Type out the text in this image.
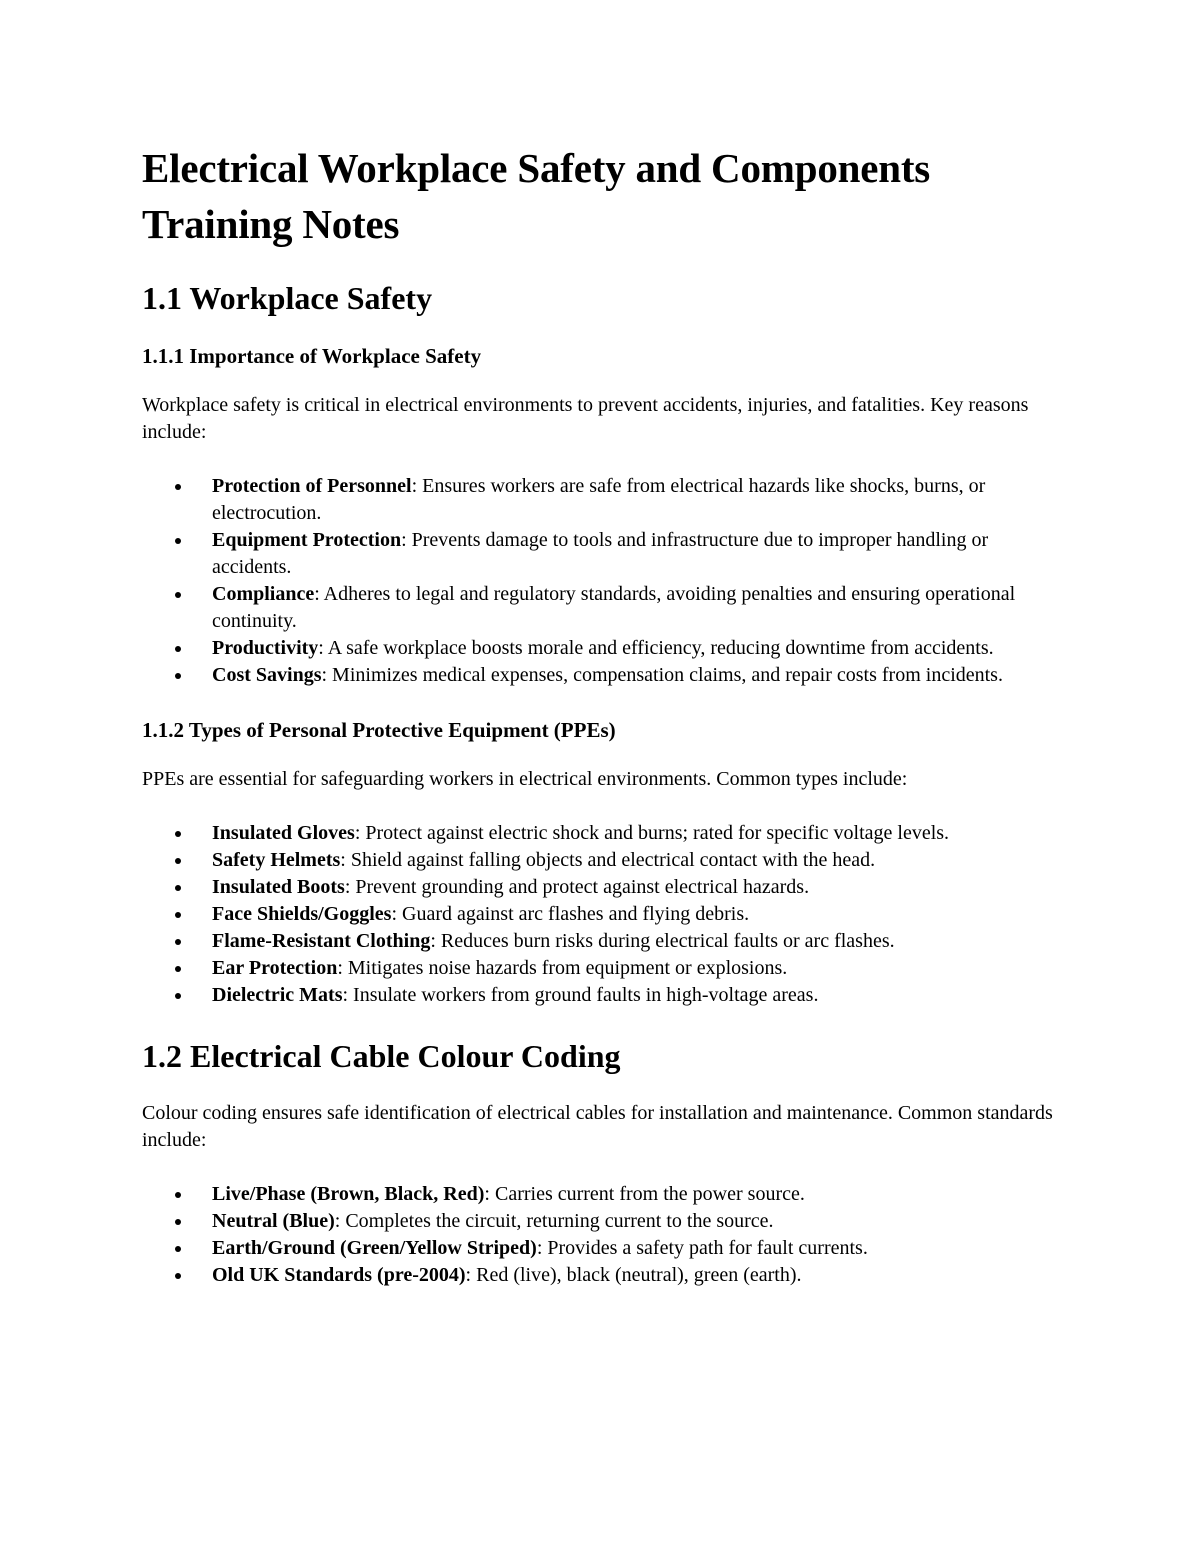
Electrical Workplace Safety and Components Training Notes
1.1 Workplace Safety
1.1.1 Importance of Workplace Safety

Workplace safety is critical in electrical environments to prevent accidents, injuries, and fatalities. Key reasons include:

Protection of Personnel: Ensures workers are safe from electrical hazards like shocks, burns, or electrocution.
Equipment Protection: Prevents damage to tools and infrastructure due to improper handling or accidents.
Compliance: Adheres to legal and regulatory standards, avoiding penalties and ensuring operational continuity.
Productivity: A safe workplace boosts morale and efficiency, reducing downtime from accidents.
Cost Savings: Minimizes medical expenses, compensation claims, and repair costs from incidents.
1.1.2 Types of Personal Protective Equipment (PPEs)

PPEs are essential for safeguarding workers in electrical environments. Common types include:

Insulated Gloves: Protect against electric shock and burns; rated for specific voltage levels.
Safety Helmets: Shield against falling objects and electrical contact with the head.
Insulated Boots: Prevent grounding and protect against electrical hazards.
Face Shields/Goggles: Guard against arc flashes and flying debris.
Flame-Resistant Clothing: Reduces burn risks during electrical faults or arc flashes.
Ear Protection: Mitigates noise hazards from equipment or explosions.
Dielectric Mats: Insulate workers from ground faults in high-voltage areas.
1.2 Electrical Cable Colour Coding

Colour coding ensures safe identification of electrical cables for installation and maintenance. Common standards include:

Live/Phase (Brown, Black, Red): Carries current from the power source.
Neutral (Blue): Completes the circuit, returning current to the source.
Earth/Ground (Green/Yellow Striped): Provides a safety path for fault currents.
Old UK Standards (pre-2004): Red (live), black (neutral), green (earth).
